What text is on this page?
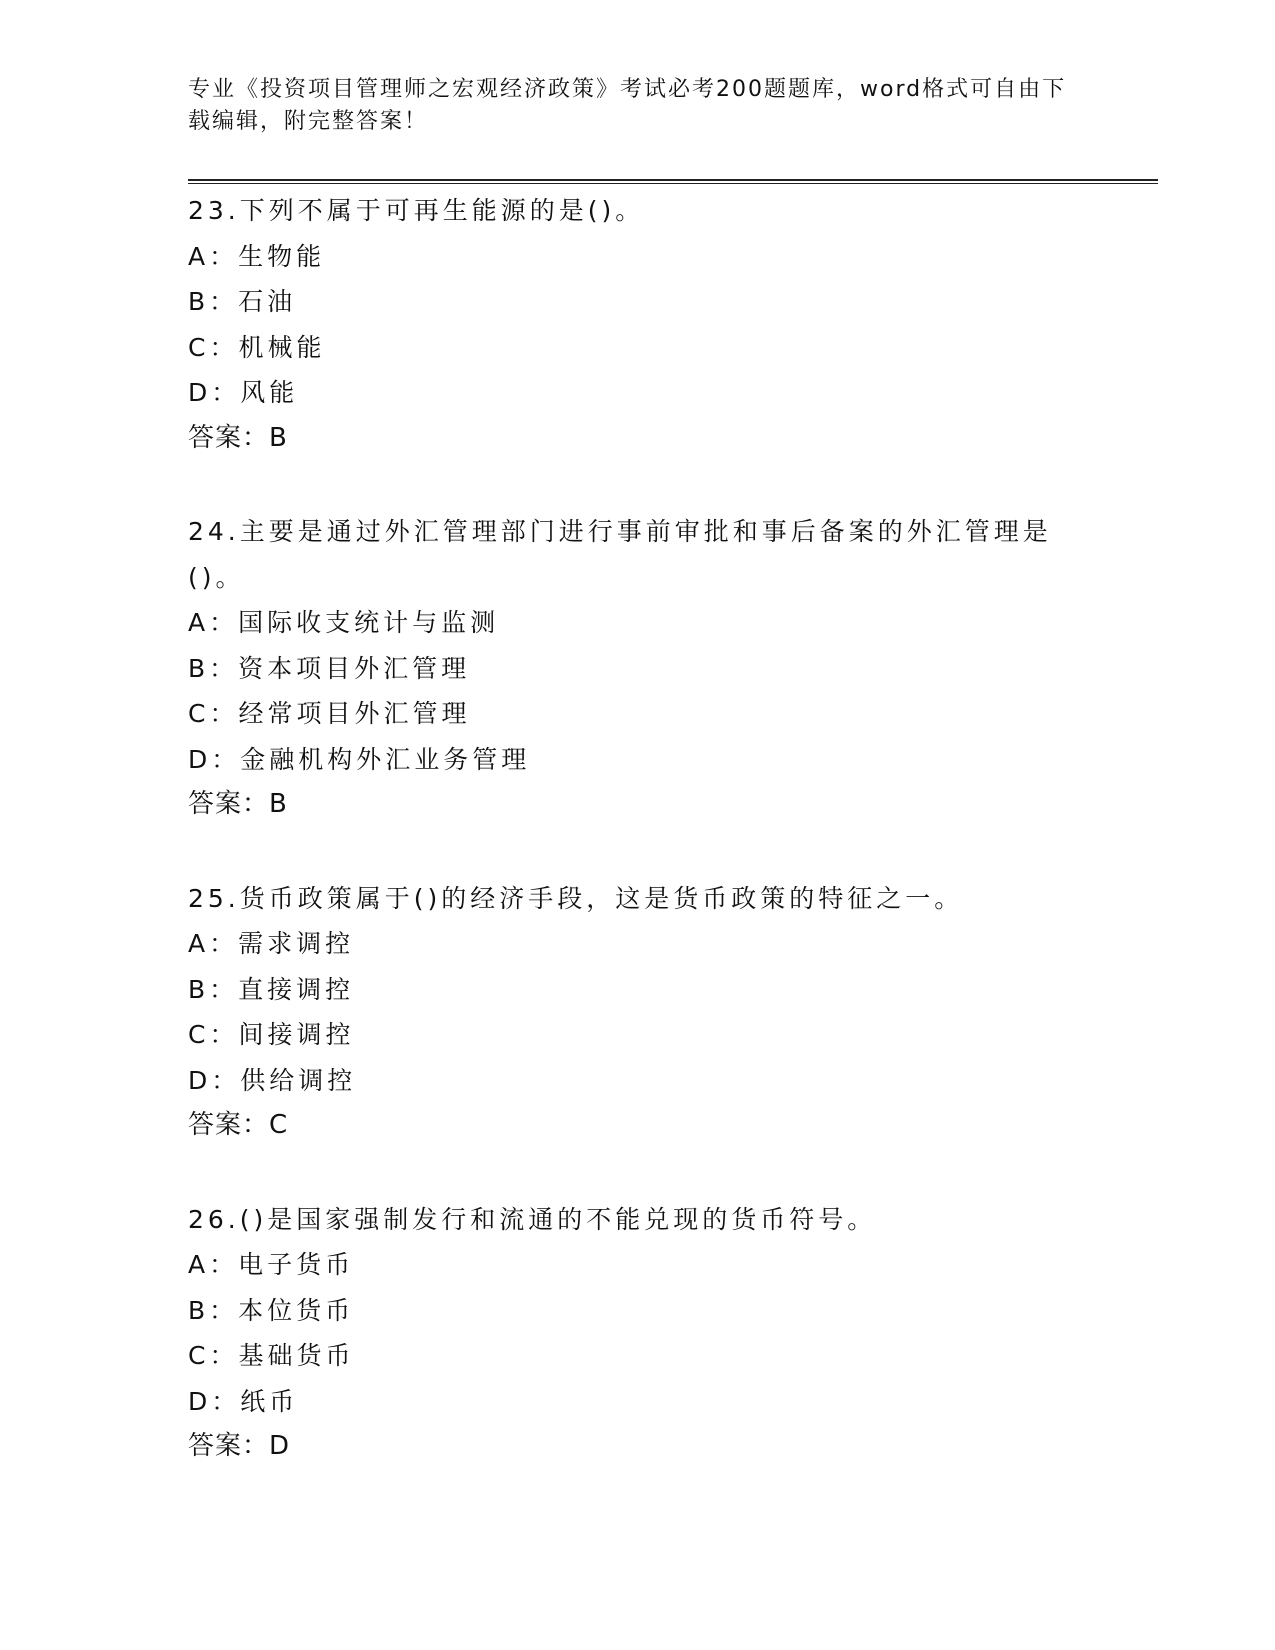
专业《投资项目管理师之宏观经济政策》考试必考200题题库，word格式可自由下载编辑，附完整答案！
23.下列不属于可再生能源的是()。
A：生物能
B：石油
C：机械能
D：风能
答案：B
24.主要是通过外汇管理部门进行事前审批和事后备案的外汇管理是()。
A：国际收支统计与监测
B：资本项目外汇管理
C：经常项目外汇管理
D：金融机构外汇业务管理
答案：B
25.货币政策属于()的经济手段，这是货币政策的特征之一。
A：需求调控
B：直接调控
C：间接调控
D：供给调控
答案：C
26.()是国家强制发行和流通的不能兑现的货币符号。
A：电子货币
B：本位货币
C：基础货币
D：纸币
答案：D
